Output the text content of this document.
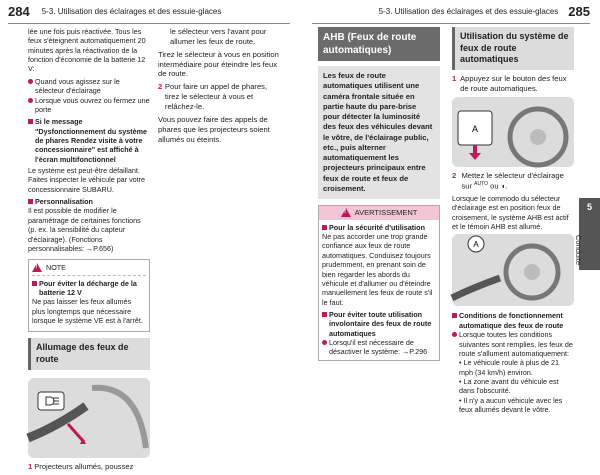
284 5-3. Utilisation des éclairages et des essuie-glaces	5-3. Utilisation des éclairages et des essuie-glaces 285

lée une fois puis réactivée. Tous les feux s'éteignent automatiquement 20 minutes après la réactivation de la fonction d'économie de la batterie 12 V:

Quand vous agissez sur le sélecteur d'éclairage
Lorsque vous ouvrez ou fermez une porte
Si le message "Dysfonctionnement du système de phares Rendez visite à votre concessionnaire" est affiché à l'écran multifonctionnel

Le système est peut-être défaillant. Faites inspecter le véhicule par votre concessionnaire SUBARU.

Personnalisation

Il est possible de modifier le paramétrage de certaines fonctions (p. ex. la sensibilité du capteur d'éclairage). (Fonctions personnalisables: →P.656)

!
NOTE
Pour éviter la décharge de la batterie 12 V

Ne pas laisser les feux allumés plus longtemps que nécessaire lorsque le système VE est à l'arrêt.

Allumage des feux de route

1 Projecteurs allumés, poussez

le sélecteur vers l'avant pour allumer les feux de route.

Tirez le sélecteur à vous en position intermédiaire pour éteindre les feux de route.

2 Pour faire un appel de phares, tirez le sélecteur à vous et relâchez-le.

Vous pouvez faire des appels de phares que les projecteurs soient allumés ou éteints.

AHB (Feux de route automatiques)
Les feux de route automatiques utilisent une caméra frontale située en partie haute du pare-brise pour détecter la luminosité des feux des véhicules devant le vôtre, de l'éclairage public, etc., puis alterner automatiquement les projecteurs principaux entre feux de route et feux de croisement.
!
AVERTISSEMENT
Pour la sécurité d'utilisation

Ne pas accorder une trop grande confiance aux feux de route automatiques. Conduisez toujours prudemment, en prenant soin de bien regarder les abords du véhicule et d'allumer ou d'éteindre manuellement les feux de route s'il le faut.

Pour éviter toute utilisation involontaire des feux de route automatiques
Lorsqu'il est nécessaire de désactiver le système: →P.296
Utilisation du système de feux de route automatiques

1 Appuyez sur le bouton des feux de route automatiques.

A

2 Mettez le sélecteur d'éclairage sur $^{AUTO}$ ou ◖.

Lorsque le commodo du sélecteur d'éclairage est en position feux de croisement, le système AHB est actif et le témoin AHB est allumé.

A
Conditions de fonctionnement automatique des feux de route
Lorsque toutes les conditions suivantes sont remplies, les feux de route s'allument automatiquement:

• Le véhicule roule à plus de 21 mph (34 km/h) environ.

• La zone avant du véhicule est dans l'obscurité.

• Il n'y a aucun véhicule avec les feux allumés devant le vôtre.

5
Conduite
